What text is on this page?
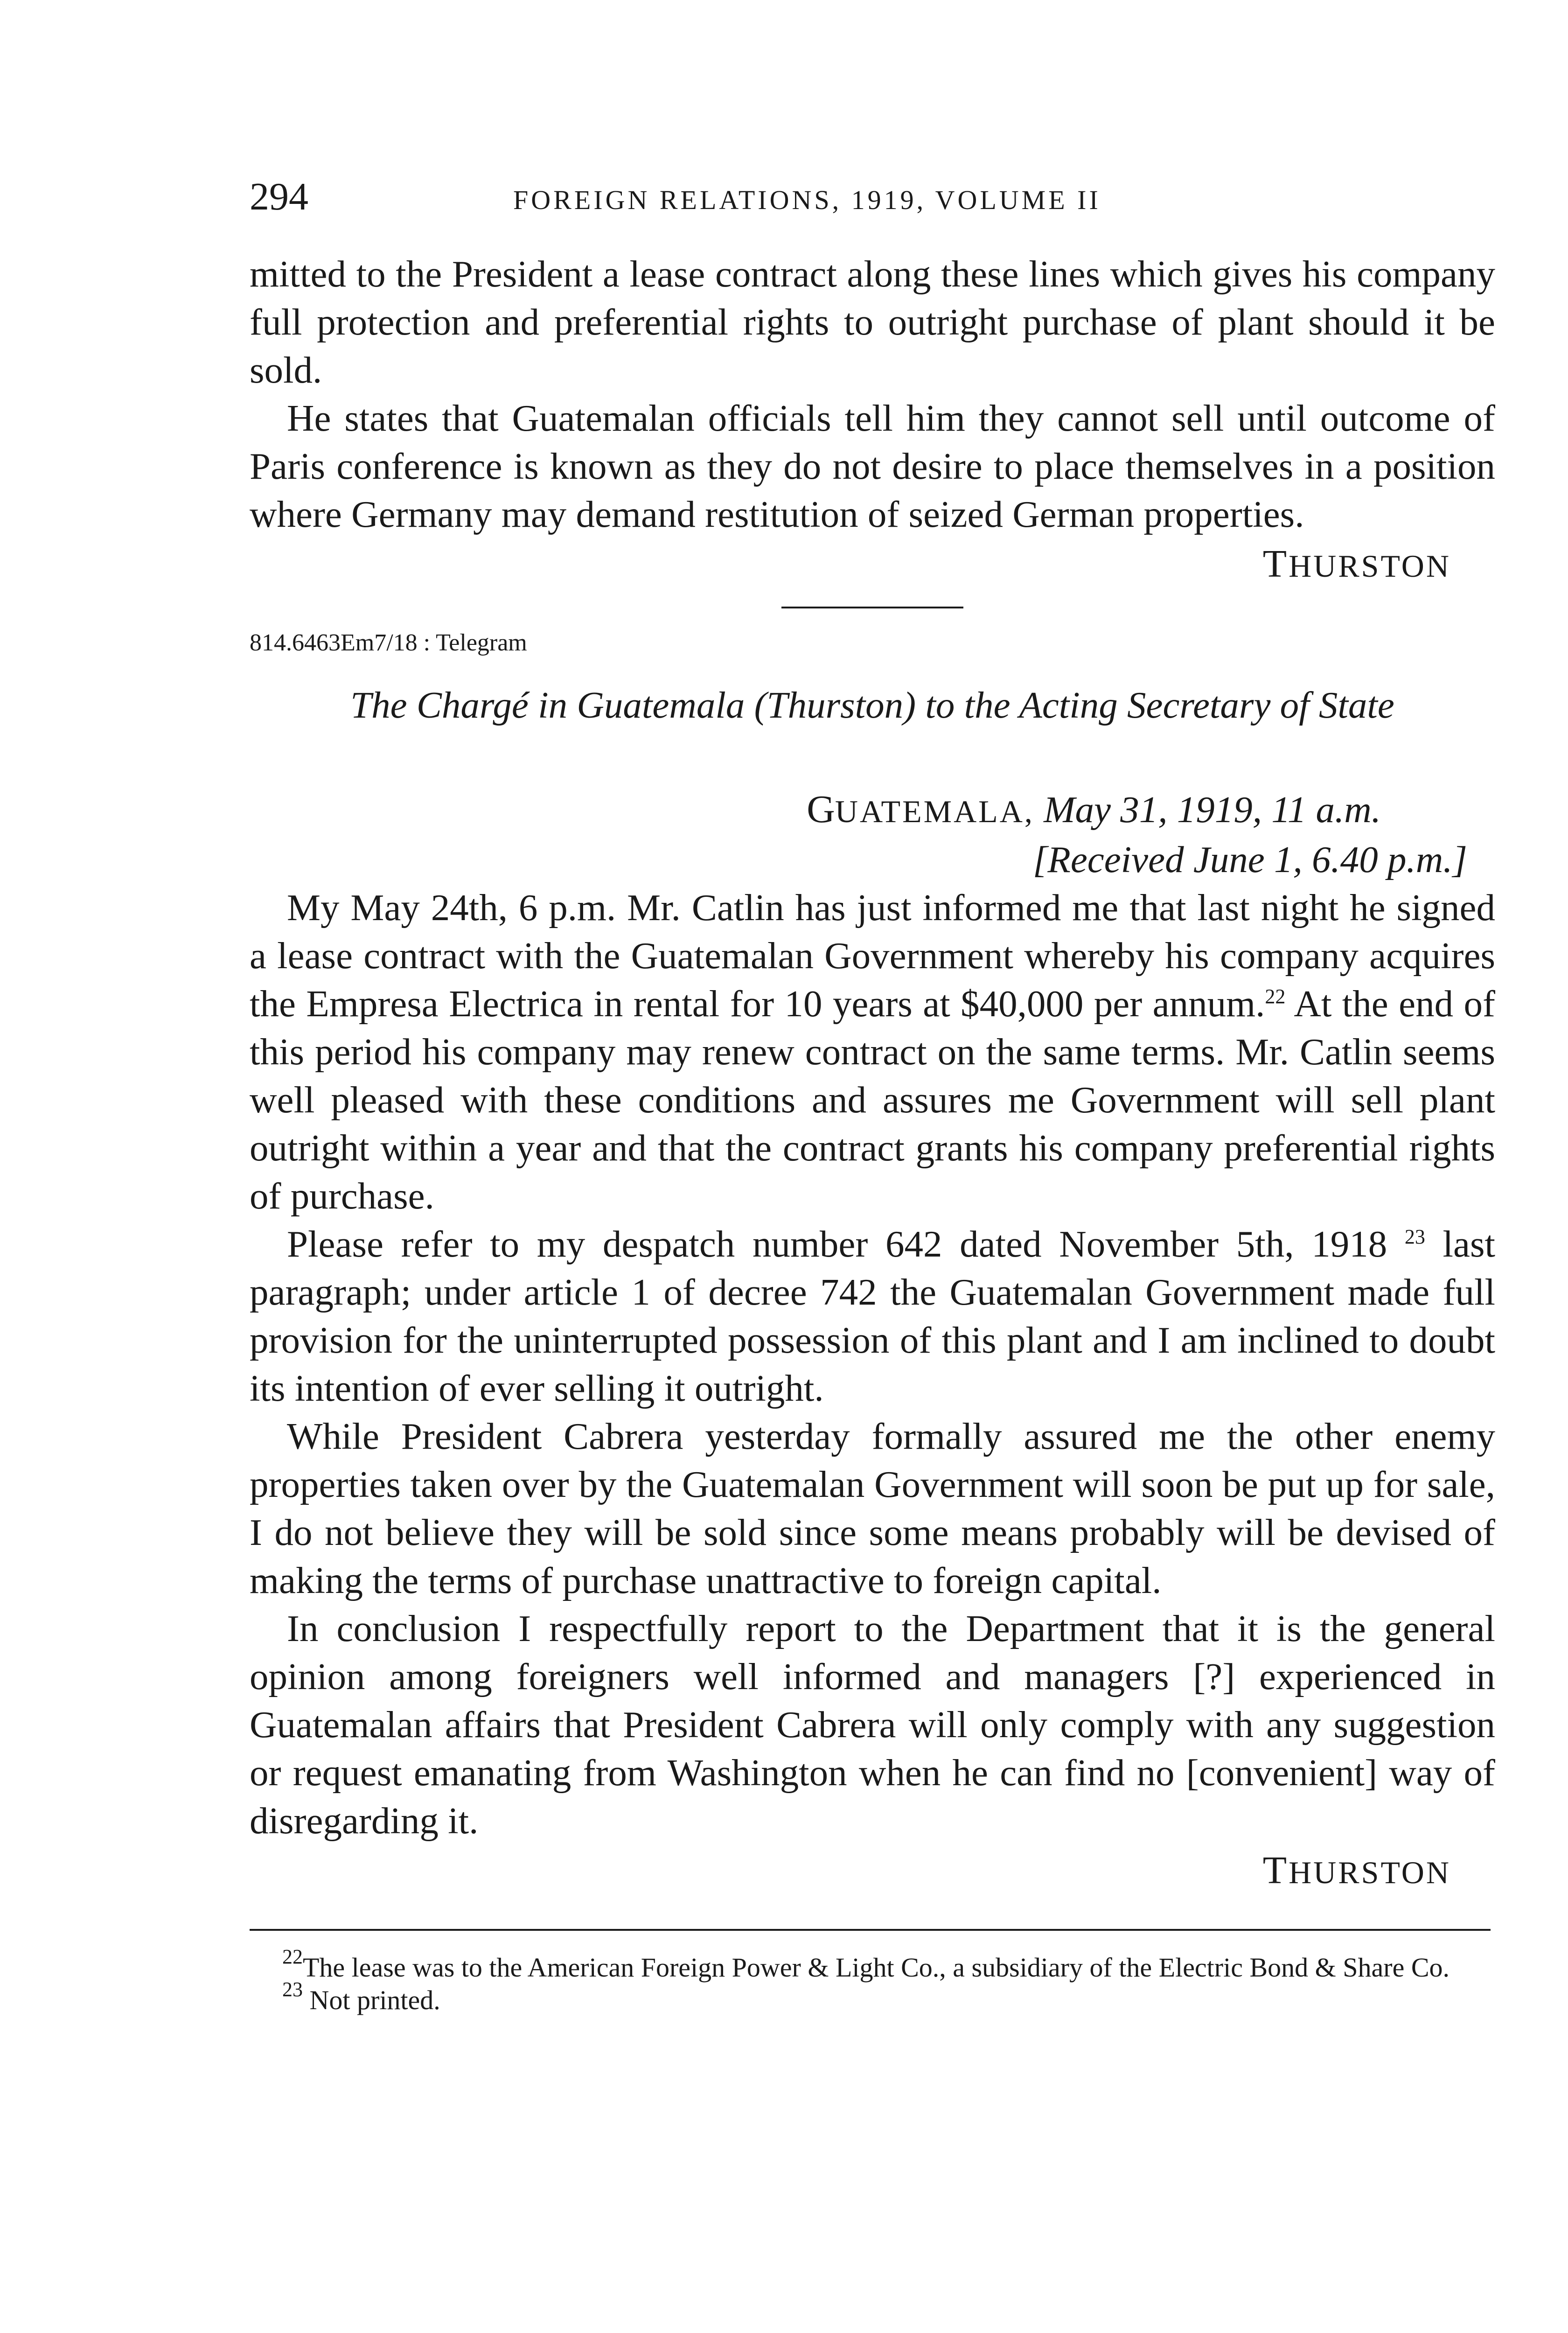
294	FOREIGN RELATIONS, 1919, VOLUME II

mitted to the President a lease contract along these lines which gives his company full protection and preferential rights to outright purchase of plant should it be sold.

He states that Guatemalan officials tell him they cannot sell until outcome of Paris conference is known as they do not desire to place themselves in a position where Germany may demand restitution of seized German properties.

THURSTON

814.6463Em7/18 : Telegram
The Chargé in Guatemala (Thurston) to the Acting Secretary of State
GUATEMALA, May 31, 1919, 11 a.m.
[Received June 1, 6.40 p.m.]

My May 24th, 6 p.m. Mr. Catlin has just informed me that last night he signed a lease contract with the Guatemalan Government whereby his company acquires the Empresa Electrica in rental for 10 years at $40,000 per annum.$^{22}$ At the end of this period his company may renew contract on the same terms. Mr. Catlin seems well pleased with these conditions and assures me Government will sell plant outright within a year and that the contract grants his company preferential rights of purchase.

Please refer to my despatch number 642 dated November 5th, 1918 $^{23}$ last paragraph; under article 1 of decree 742 the Guatemalan Government made full provision for the uninterrupted possession of this plant and I am inclined to doubt its intention of ever selling it outright.

While President Cabrera yesterday formally assured me the other enemy properties taken over by the Guatemalan Government will soon be put up for sale, I do not believe they will be sold since some means probably will be devised of making the terms of purchase unattractive to foreign capital.

In conclusion I respectfully report to the Department that it is the general opinion among foreigners well informed and managers [?] experienced in Guatemalan affairs that President Cabrera will only comply with any suggestion or request emanating from Washington when he can find no [convenient] way of disregarding it.

THURSTON

$^{22}$The lease was to the American Foreign Power & Light Co., a subsidiary of the Electric Bond & Share Co.

$^{23}$ Not printed.
